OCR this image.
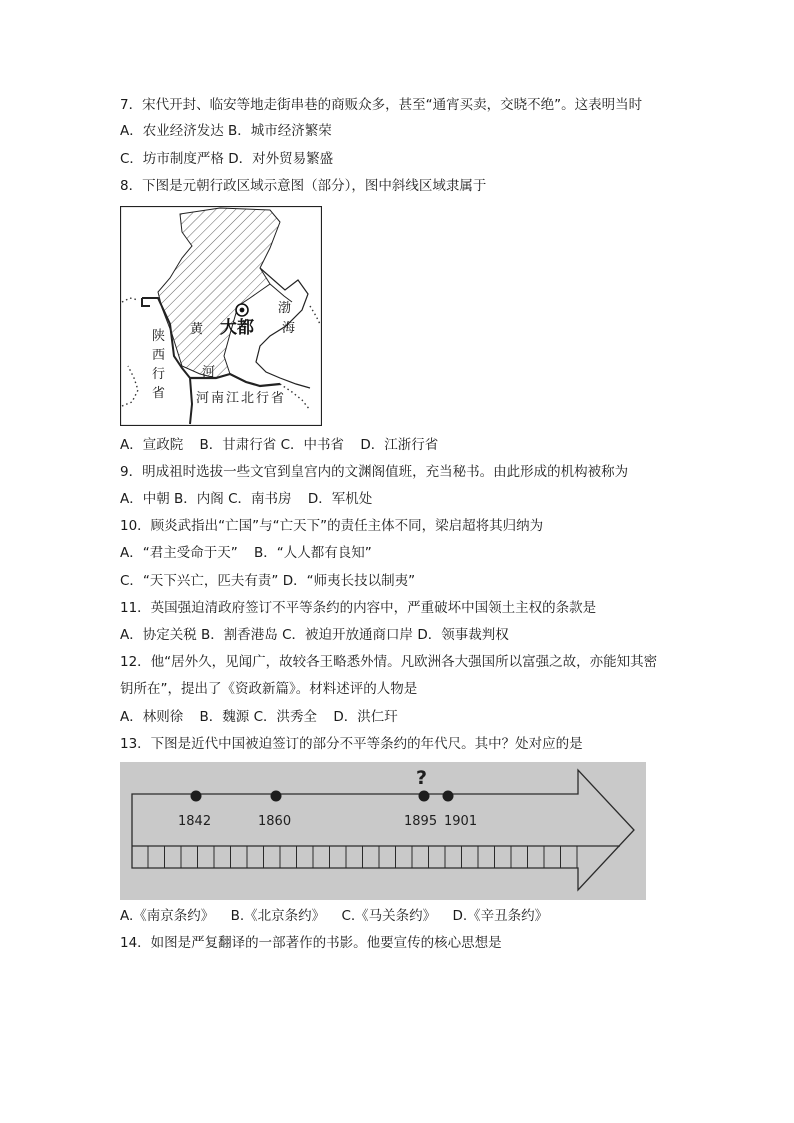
7．宋代开封、临安等地走街串巷的商贩众多，甚至“通宵买卖，交晓不绝”。这表明当时
A．农业经济发达 B．城市经济繁荣
C．坊市制度严格 D．对外贸易繁盛
8．下图是元朝行政区域示意图（部分），图中斜线区域隶属于
大都
渤
海
黄
河
陕
西
行
省 河南江北行省
A．宣政院 B．甘肃行省 C．中书省 D．江浙行省
9．明成祖时选拔一些文官到皇宫内的文渊阁值班，充当秘书。由此形成的机构被称为
A．中朝 B．内阁 C．南书房 D．军机处
10．顾炎武指出“亡国”与“亡天下”的责任主体不同，梁启超将其归纳为
A．“君主受命于天” B．“人人都有良知”
C．“天下兴亡，匹夫有责” D．“师夷长技以制夷”
11．英国强迫清政府签订不平等条约的内容中，严重破坏中国领土主权的条款是
A．协定关税 B．割香港岛 C．被迫开放通商口岸 D．领事裁判权
12．他“居外久，见闻广，故较各王略悉外情。凡欧洲各大强国所以富强之故，亦能知其密
钥所在”，提出了《资政新篇》。材料述评的人物是
A．林则徐 B．魏源 C．洪秀全 D．洪仁玕
13．下图是近代中国被迫签订的部分不平等条约的年代尺。其中？处对应的是
?
1842	1860	1895 1901
A.《南京条约》 B.《北京条约》 C.《马关条约》 D.《辛丑条约》
14．如图是严复翻译的一部著作的书影。他要宣传的核心思想是
